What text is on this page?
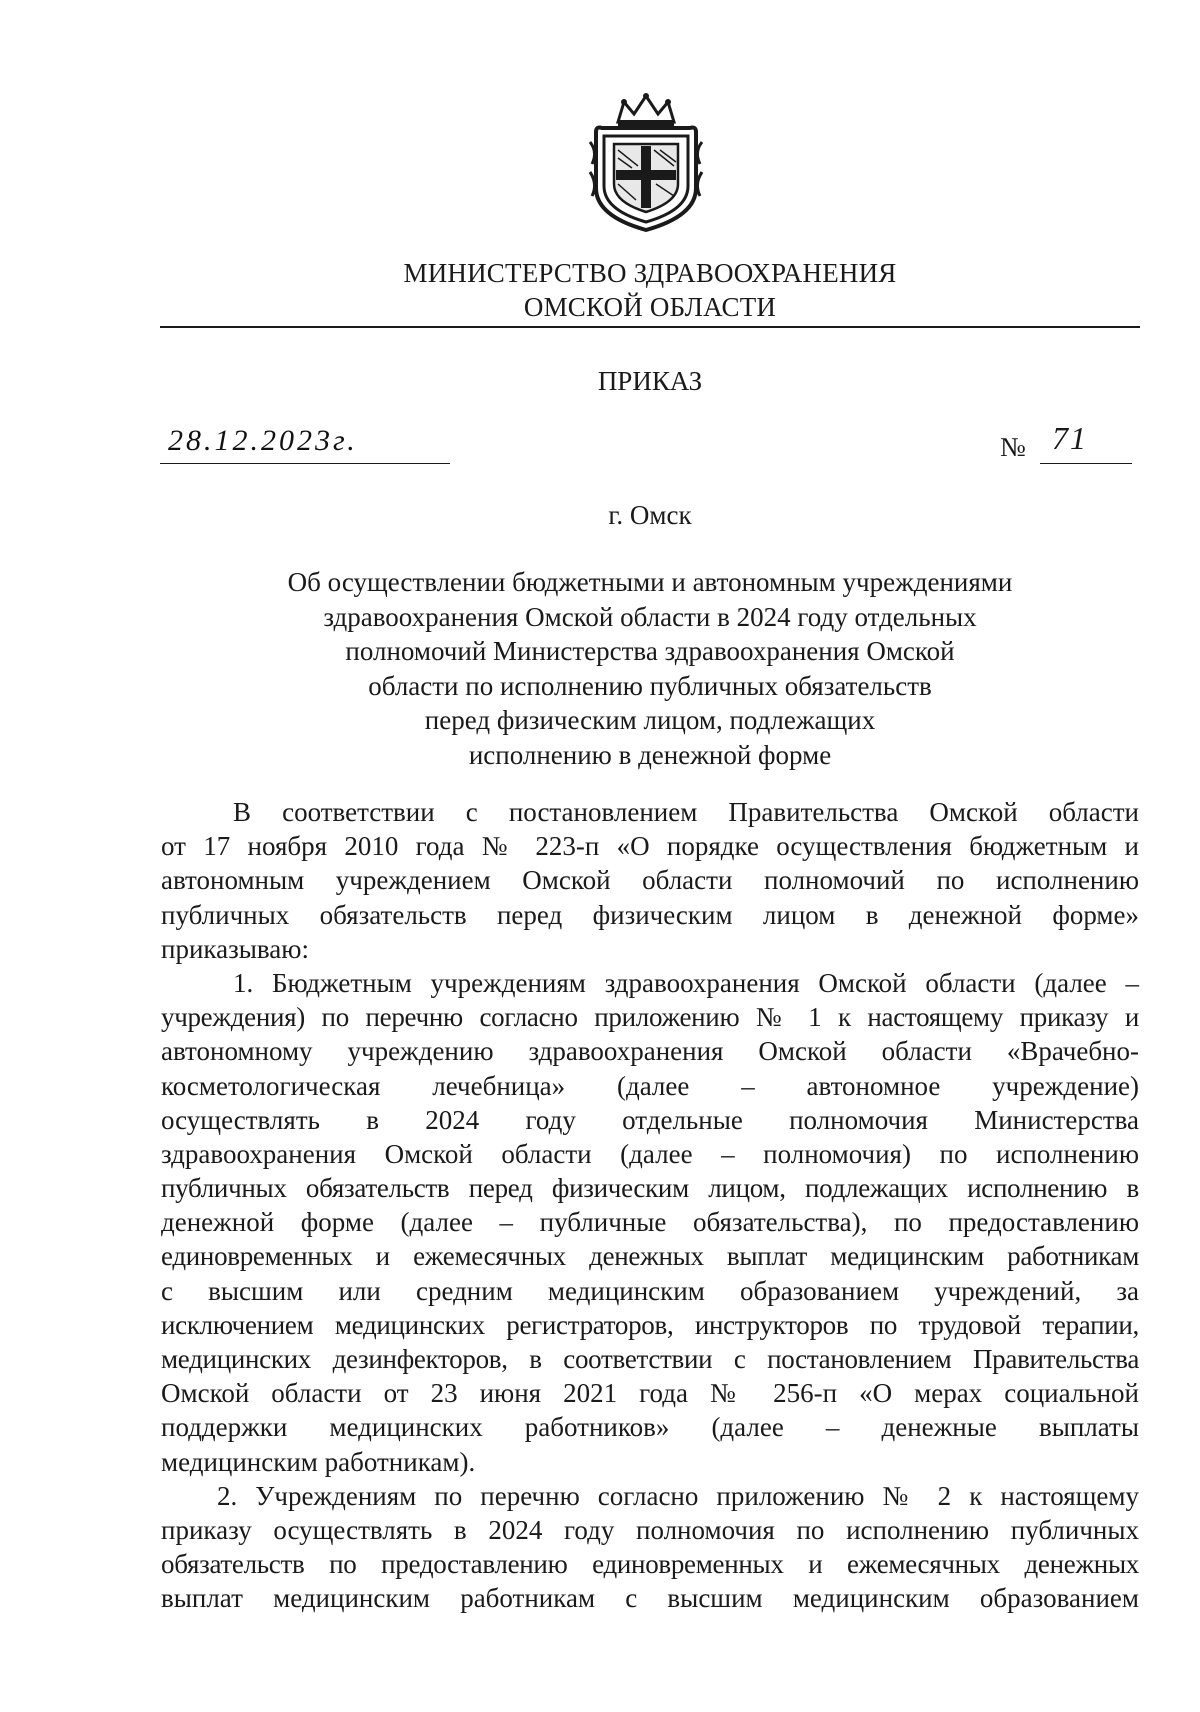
МИНИСТЕРСТВО ЗДРАВООХРАНЕНИЯ
ОМСКОЙ ОБЛАСТИ
ПРИКАЗ
28.12.2023г.	№ 71
г. Омск
Об осуществлении бюджетными и автономным учреждениями
здравоохранения Омской области в 2024 году отдельных
полномочий Министерства здравоохранения Омской
области по исполнению публичных обязательств
перед физическим лицом, подлежащих
исполнению в денежной форме
В соответствии с постановлением Правительства Омской области
от 17 ноября 2010 года № 223-п «О порядке осуществления бюджетным и
автономным учреждением Омской области полномочий по исполнению
публичных обязательств перед физическим лицом в денежной форме»
приказываю:
1. Бюджетным учреждениям здравоохранения Омской области (далее –
учреждения) по перечню согласно приложению № 1 к настоящему приказу и
автономному учреждению здравоохранения Омской области «Врачебно-
косметологическая лечебница» (далее – автономное учреждение)
осуществлять в 2024 году отдельные полномочия Министерства
здравоохранения Омской области (далее – полномочия) по исполнению
публичных обязательств перед физическим лицом, подлежащих исполнению в
денежной форме (далее – публичные обязательства), по предоставлению
единовременных и ежемесячных денежных выплат медицинским работникам
с высшим или средним медицинским образованием учреждений, за
исключением медицинских регистраторов, инструкторов по трудовой терапии,
медицинских дезинфекторов, в соответствии с постановлением Правительства
Омской области от 23 июня 2021 года № 256-п «О мерах социальной
поддержки медицинских работников» (далее – денежные выплаты
медицинским работникам).
2. Учреждениям по перечню согласно приложению № 2 к настоящему
приказу осуществлять в 2024 году полномочия по исполнению публичных
обязательств по предоставлению единовременных и ежемесячных денежных
выплат медицинским работникам с высшим медицинским образованием
